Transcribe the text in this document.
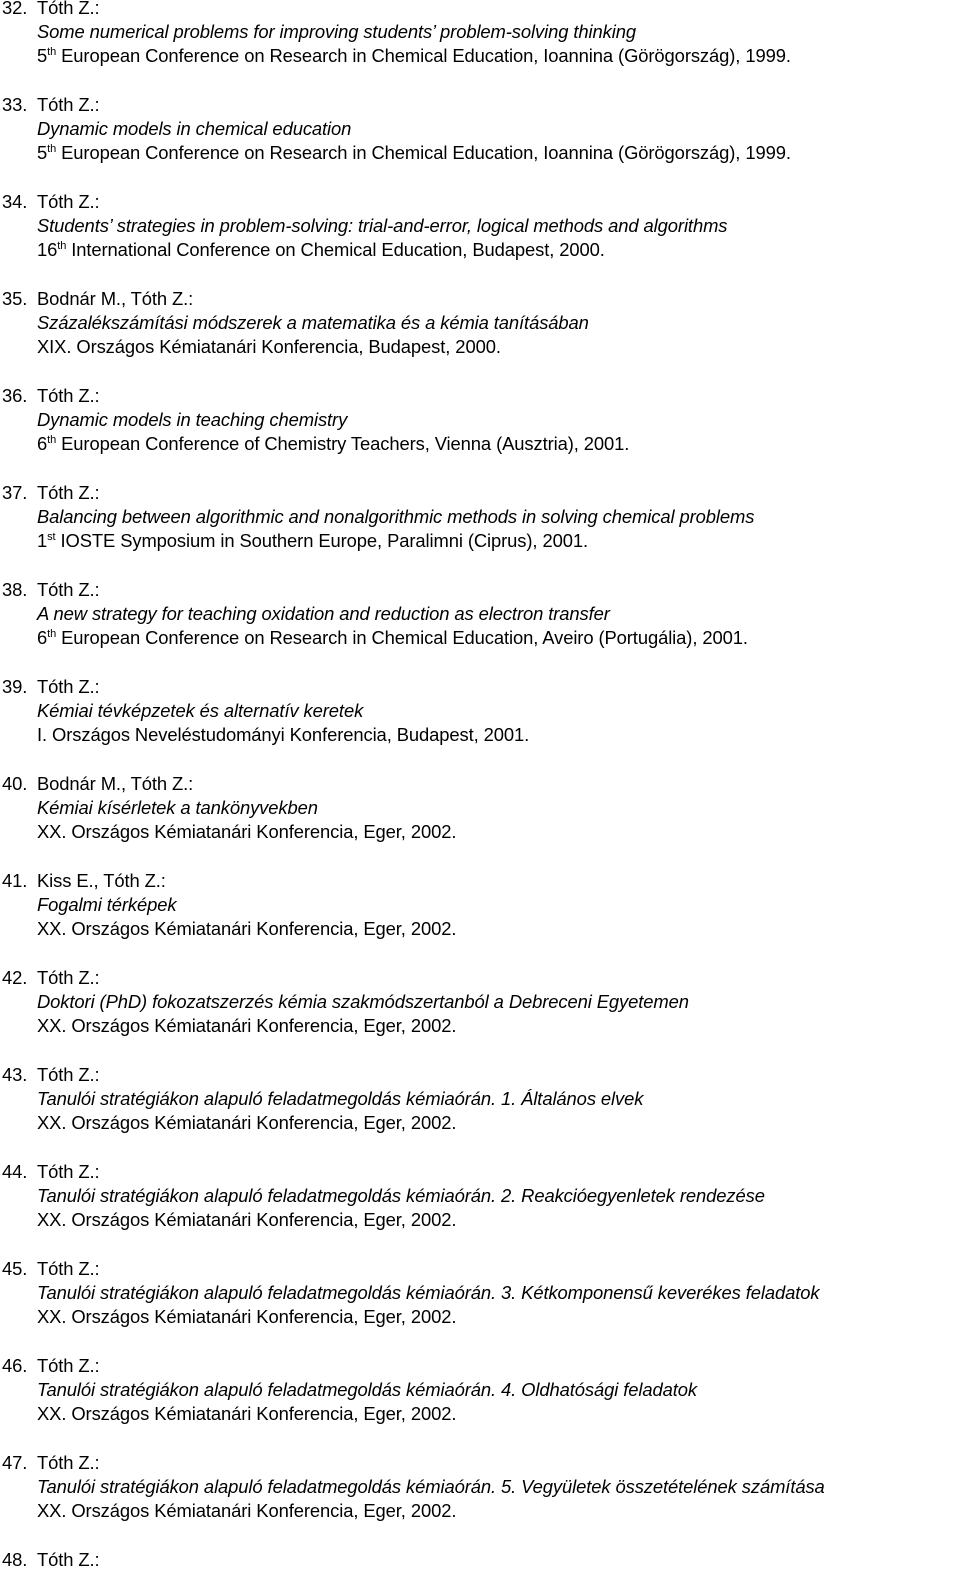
32. Tóth Z.:
Some numerical problems for improving students’ problem-solving thinking
5th European Conference on Research in Chemical Education, Ioannina (Görögország), 1999.
33. Tóth Z.:
Dynamic models in chemical education
5th European Conference on Research in Chemical Education, Ioannina (Görögország), 1999.
34. Tóth Z.:
Students’ strategies in problem-solving: trial-and-error, logical methods and algorithms
16th International Conference on Chemical Education, Budapest, 2000.
35. Bodnár M., Tóth Z.:
Százalékszámítási módszerek a matematika és a kémia tanításában
XIX. Országos Kémiatanári Konferencia, Budapest, 2000.
36. Tóth Z.:
Dynamic models in teaching chemistry
6th European Conference of Chemistry Teachers, Vienna (Ausztria), 2001.
37. Tóth Z.:
Balancing between algorithmic and nonalgorithmic methods in solving chemical problems
1st IOSTE Symposium in Southern Europe, Paralimni (Ciprus), 2001.
38. Tóth Z.:
A new strategy for teaching oxidation and reduction as electron transfer
6th European Conference on Research in Chemical Education, Aveiro (Portugália), 2001.
39. Tóth Z.:
Kémiai tévképzetek és alternatív keretek
I. Országos Neveléstudományi Konferencia, Budapest, 2001.
40. Bodnár M., Tóth Z.:
Kémiai kísérletek a tankönyvekben
XX. Országos Kémiatanári Konferencia, Eger, 2002.
41. Kiss E., Tóth Z.:
Fogalmi térképek
XX. Országos Kémiatanári Konferencia, Eger, 2002.
42. Tóth Z.:
Doktori (PhD) fokozatszerzés kémia szakmódszertanból a Debreceni Egyetemen
XX. Országos Kémiatanári Konferencia, Eger, 2002.
43. Tóth Z.:
Tanulói stratégiákon alapuló feladatmegoldás kémiaórán. 1. Általános elvek
XX. Országos Kémiatanári Konferencia, Eger, 2002.
44. Tóth Z.:
Tanulói stratégiákon alapuló feladatmegoldás kémiaórán. 2. Reakcióegyenletek rendezése
XX. Országos Kémiatanári Konferencia, Eger, 2002.
45. Tóth Z.:
Tanulói stratégiákon alapuló feladatmegoldás kémiaórán. 3. Kétkomponensű keverékes feladatok
XX. Országos Kémiatanári Konferencia, Eger, 2002.
46. Tóth Z.:
Tanulói stratégiákon alapuló feladatmegoldás kémiaórán. 4. Oldhatósági feladatok
XX. Országos Kémiatanári Konferencia, Eger, 2002.
47. Tóth Z.:
Tanulói stratégiákon alapuló feladatmegoldás kémiaórán. 5. Vegyületek összetételének számítása
XX. Országos Kémiatanári Konferencia, Eger, 2002.
48. Tóth Z.:
